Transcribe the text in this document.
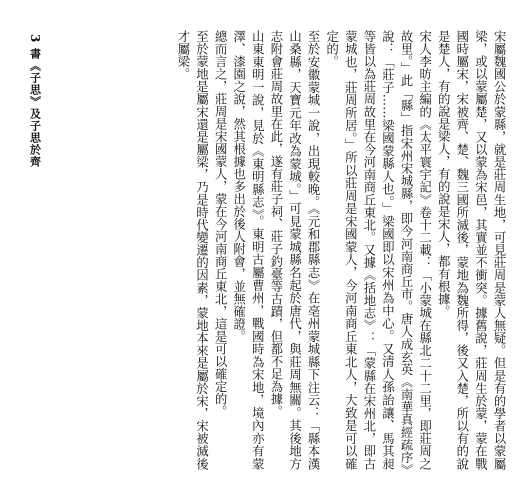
3
書《子思》及子思於齊	宋屬魏國公於蒙縣，就是莊周生地，可見莊周是蒙人無疑。但是有的學者以蒙屬梁，或以蒙屬楚，又以蒙為宋邑，其實並不衝突。據舊說，莊周生於蒙，蒙在戰國時屬宋，宋被齊、楚、魏三國所滅後，蒙地為魏所得，後又入楚，所以有的說是楚人，有的說是梁人，有的說是宋人，都有根據。

宋人李昉主編的《太平寰宇記》卷十二載：「小蒙城在縣北二十二里，即莊周之故里。」此「縣」指宋州宋城縣，即今河南商丘市。唐人成玄英《南華真經疏序》說：「莊子……梁國蒙縣人也。」梁國即以宋州為中心。又清人孫詒讓、馬其昶等皆以為莊周故里在今河南商丘東北。又據《括地志》：「蒙縣在宋州北，即古蒙城也，莊周所居。」所以莊周是宋國蒙人，今河南商丘東北人，大致是可以確定的。

至於安徽蒙城一說，出現較晚。《元和郡縣志》在亳州蒙城縣下注云：「縣本漢山桑縣，天寶元年改為蒙城。」可見蒙城縣名起於唐代，與莊周無關。其後地方志附會莊周故里在此，遂有莊子祠、莊子釣臺等古蹟，但都不足為據。

山東東明一說，見於《東明縣志》。東明古屬曹州，戰國時為宋地，境內亦有蒙澤、漆園之說，然其根據也多出於後人附會，並無確證。

總而言之，莊周是宋國蒙人，蒙在今河南商丘東北，這是可以確定的。

至於蒙地是屬宋還是屬梁，乃是時代變遷的因素，蒙地本來是屬於宋，宋被滅後才屬梁。
